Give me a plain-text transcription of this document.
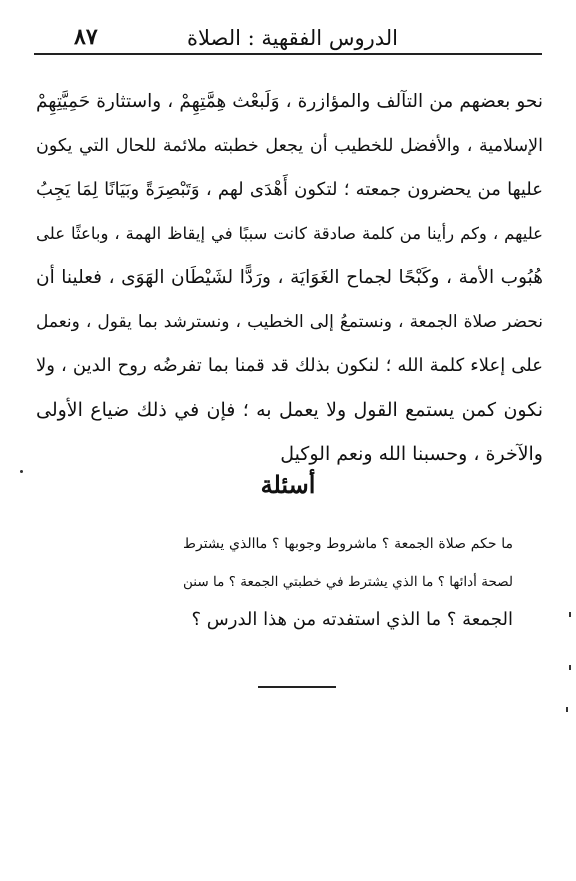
٨٧	الدروس الفقهية : الصلاة
نحو بعضهم من التآلف والمؤازرة ، وَلَبعْث هِمَّتِهِمْ ، واستثارة حَمِيَّتِهِمْ
الإسلامية ، والأفضل للخطيب أن يجعل خطبته ملائمة للحال التي يكون
عليها من يحضرون جمعته ؛ لتكون أَهْدَى لهم ، وَتَبْصِرَةً وبَيَانًا لِمَا يَجِبُ
عليهم ، وكم رأينا من كلمة صادقة كانت سببًا في إيقاظ الهمة ، وباعثًا على
هُبُوب الأمة ، وكَبْحًا لجماح الغَوَايَة ، ورَدًّا لشَيْطَان الهَوَى ، فعلينا أن
نحضر صلاة الجمعة ، ونستمعُ إلى الخطيب ، ونسترشد بما يقول ، ونعمل
على إعلاء كلمة الله ؛ لنكون بذلك قد قمنا بما تفرضُه روح الدين ، ولا
نكون كمن يستمع القول ولا يعمل به ؛ فإن في ذلك ضياع الأولى
والآخرة ، وحسبنا الله ونعم الوكيل
أسئلة
ما حكم صلاة الجمعة ؟ ماشروط وجوبها ؟ ماالذي يشترط
لصحة أدائها ؟ ما الذي يشترط في خطبتي الجمعة ؟ ما سنن
الجمعة ؟ ما الذي استفدته من هذا الدرس ؟
